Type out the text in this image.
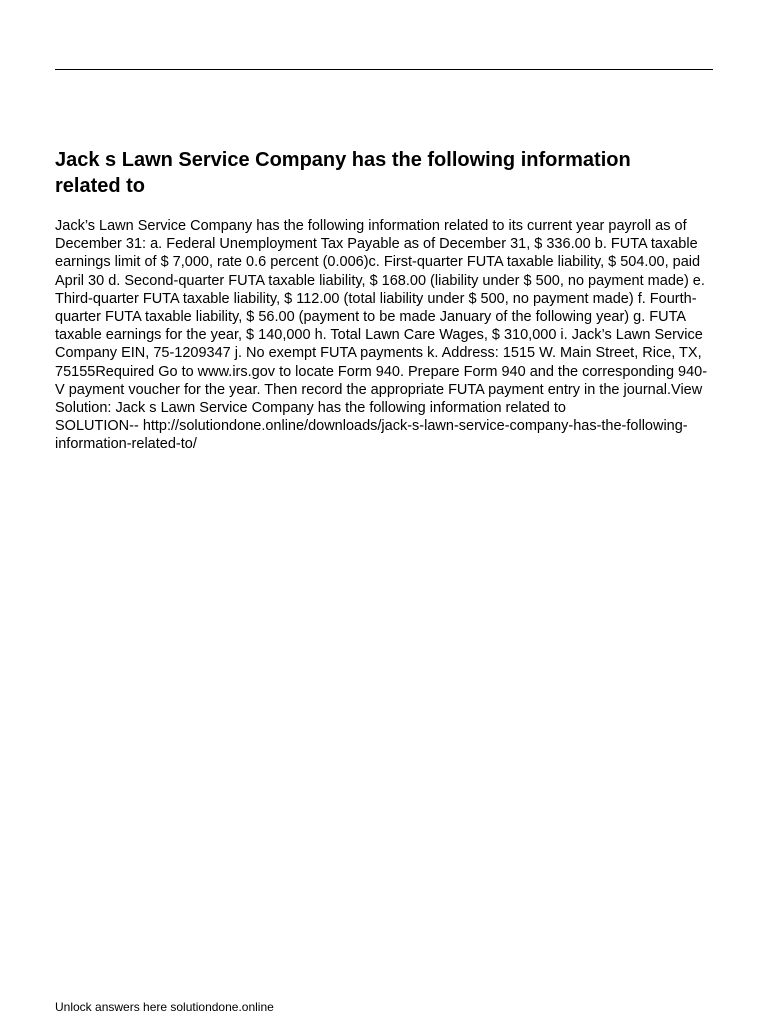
Jack s Lawn Service Company has the following information related to
Jack’s Lawn Service Company has the following information related to its current year payroll as of December 31: a. Federal Unemployment Tax Payable as of December 31, $ 336.00 b. FUTA taxable earnings limit of $ 7,000, rate 0.6 percent (0.006)c. First-quarter FUTA taxable liability, $ 504.00, paid April 30 d. Second-quarter FUTA taxable liability, $ 168.00 (liability under $ 500, no payment made) e. Third-quarter FUTA taxable liability, $ 112.00 (total liability under $ 500, no payment made) f. Fourth-quarter FUTA taxable liability, $ 56.00 (payment to be made January of the following year) g. FUTA taxable earnings for the year, $ 140,000 h. Total Lawn Care Wages, $ 310,000 i. Jack’s Lawn Service Company EIN, 75-1209347 j. No exempt FUTA payments k. Address: 1515 W. Main Street, Rice, TX, 75155Required Go to www.irs.gov to locate Form 940. Prepare Form 940 and the corresponding 940-V payment voucher for the year. Then record the appropriate FUTA payment entry in the journal.View Solution: Jack s Lawn Service Company has the following information related to
SOLUTION-- http://solutiondone.online/downloads/jack-s-lawn-service-company-has-the-following-information-related-to/

Unlock answers here solutiondone.online
